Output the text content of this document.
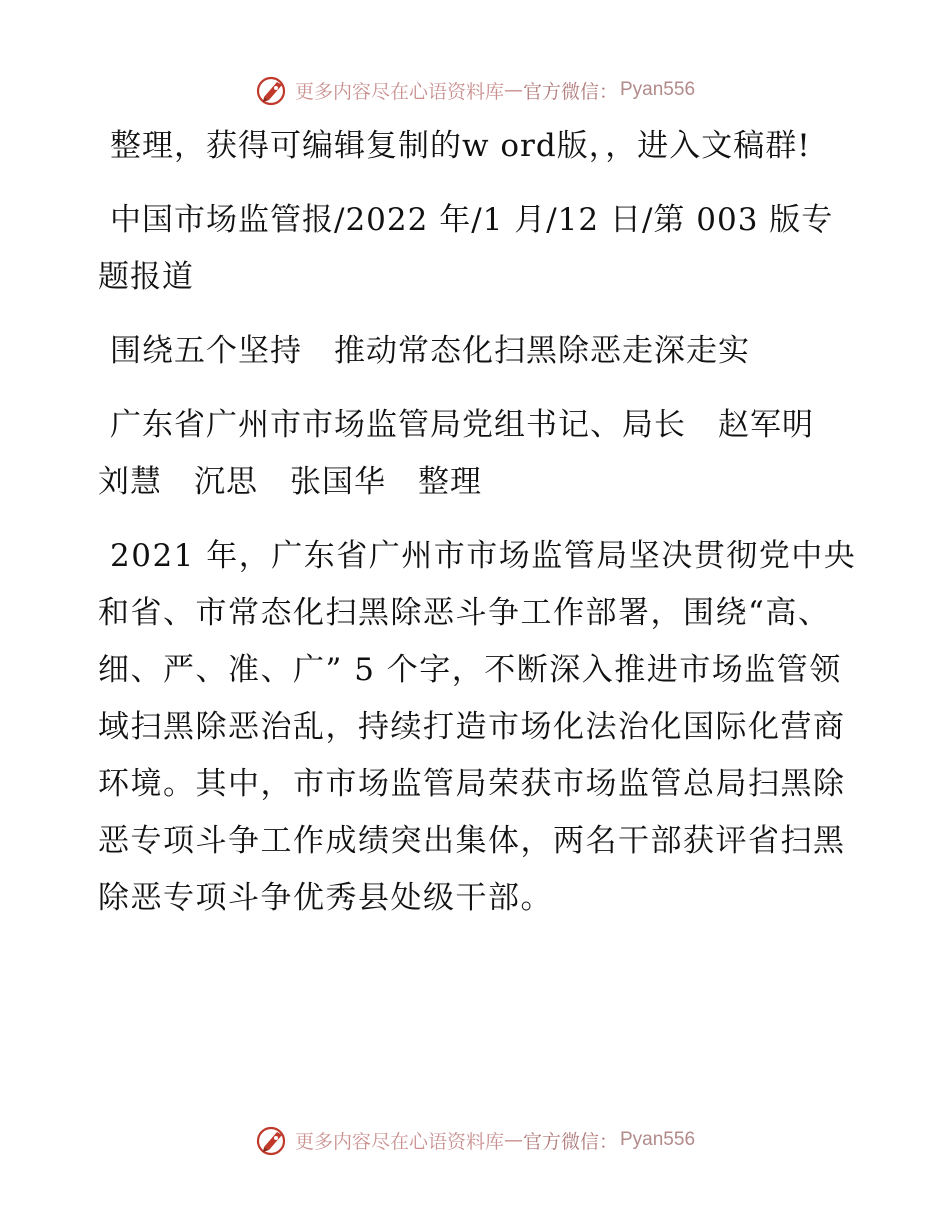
更多内容尽在心语资料库 — 官方微信： Pyan556

整理，获得可编辑复制的w ord版，，进入文稿群!

中国市场监管报/2022 年/1 月/12 日/第 003 版专题报道

围绕五个坚持　推动常态化扫黑除恶走深走实

广东省广州市市场监管局党组书记、局长　赵军明　刘慧　沉思　张国华　整理

2021 年，广东省广州市市场监管局坚决贯彻党中央和省、市常态化扫黑除恶斗争工作部署，围绕“高、细、严、准、广” 5 个字，不断深入推进市场监管领域扫黑除恶治乱，持续打造市场化法治化国际化营商环境。其中，市市场监管局荣获市场监管总局扫黑除恶专项斗争工作成绩突出集体，两名干部获评省扫黑除恶专项斗争优秀县处级干部。

更多内容尽在心语资料库 — 官方微信： Pyan556
